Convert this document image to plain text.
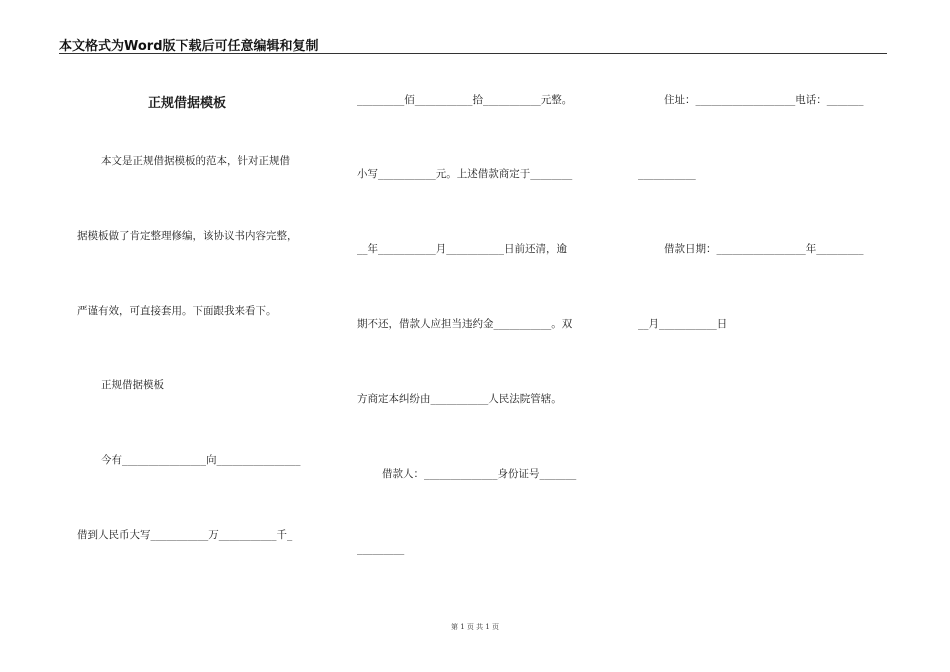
本文格式为Word版下载后可任意编辑和复制
正规借据模板
本文是正规借据模板的范本，针对正规借
据模板做了肯定整理修编，该协议书内容完整，
严谨有效，可直接套用。下面跟我来看下。
正规借据模板
今有________________向________________
借到人民币大写___________万___________千_
_________佰___________拾___________元整。
小写___________元。上述借款商定于________
__年___________月___________日前还清，逾
期不还，借款人应担当违约金___________。双
方商定本纠纷由___________人民法院管辖。
借款人：______________身份证号_______
_________
住址：___________________电话：_______
___________
借款日期：_________________年_________
__月___________日
第 1 页 共 1 页
